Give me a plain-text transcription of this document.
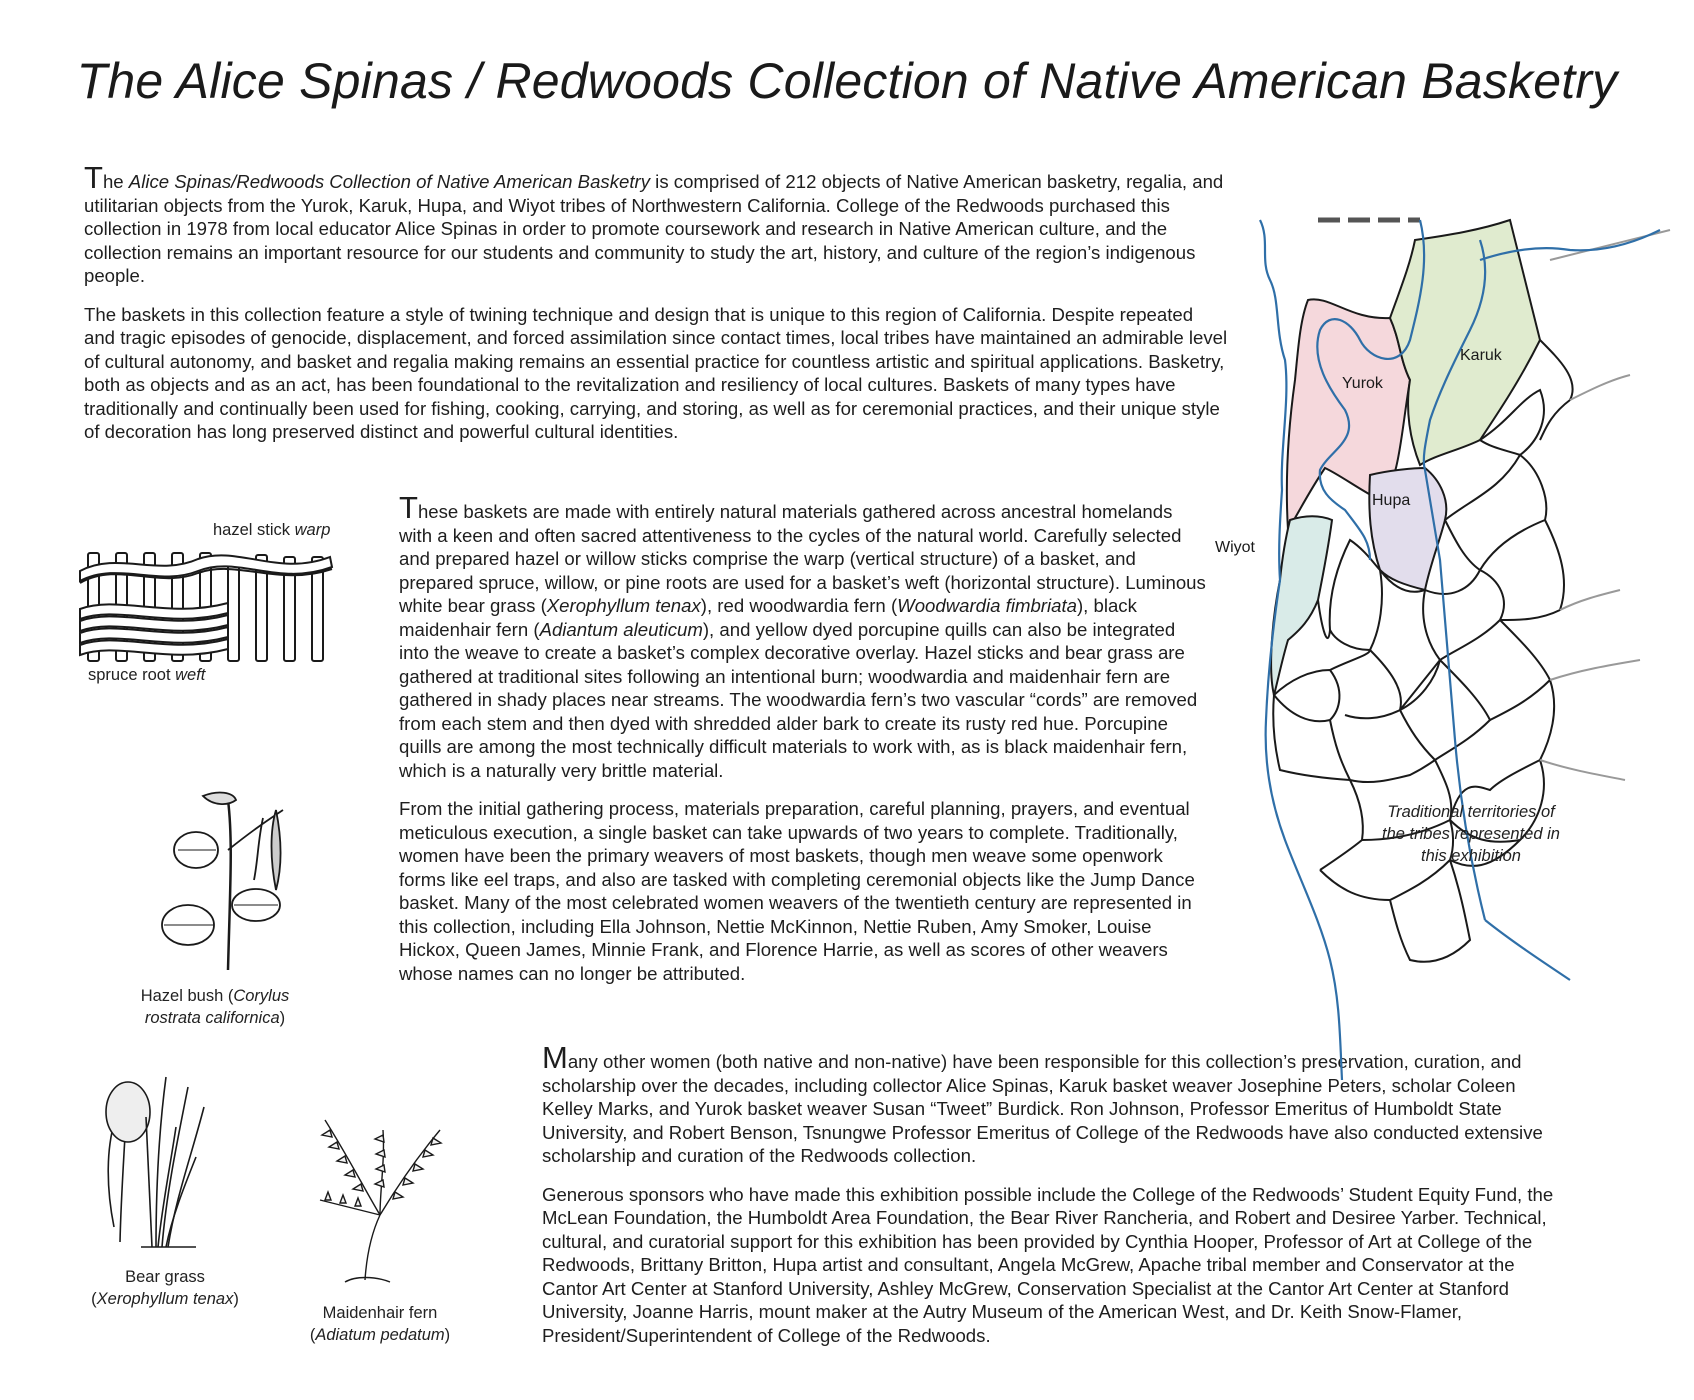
The Alice Spinas / Redwoods Collection of Native American Basketry

The Alice Spinas/Redwoods Collection of Native American Basketry is comprised of 212 objects of Native American basketry, regalia, and utilitarian objects from the Yurok, Karuk, Hupa, and Wiyot tribes of Northwestern California. College of the Redwoods purchased this collection in 1978 from local educator Alice Spinas in order to promote coursework and research in Native American culture, and the collection remains an important resource for our students and community to study the art, history, and culture of the region’s indigenous people.

The baskets in this collection feature a style of twining technique and design that is unique to this region of California. Despite repeated and tragic episodes of genocide, displacement, and forced assimilation since contact times, local tribes have maintained an admirable level of cultural autonomy, and basket and regalia making remains an essential practice for countless artistic and spiritual applications. Basketry, both as objects and as an act, has been foundational to the revitalization and resiliency of local cultures. Baskets of many types have traditionally and continually been used for fishing, cooking, carrying, and storing, as well as for ceremonial practices, and their unique style of decoration has long preserved distinct and powerful cultural identities.

These baskets are made with entirely natural materials gathered across ancestral homelands with a keen and often sacred attentiveness to the cycles of the natural world. Carefully selected and prepared hazel or willow sticks comprise the warp (vertical structure) of a basket, and prepared spruce, willow, or pine roots are used for a basket’s weft (horizontal structure). Luminous white bear grass (Xerophyllum tenax), red woodwardia fern (Woodwardia fimbriata), black maidenhair fern (Adiantum aleuticum), and yellow dyed porcupine quills can also be integrated into the weave to create a basket’s complex decorative overlay. Hazel sticks and bear grass are gathered at traditional sites following an intentional burn; woodwardia and maidenhair fern are gathered in shady places near streams. The woodwardia fern’s two vascular “cords” are removed from each stem and then dyed with shredded alder bark to create its rusty red hue. Porcupine quills are among the most technically difficult materials to work with, as is black maidenhair fern, which is a naturally very brittle material.

From the initial gathering process, materials preparation, careful planning, prayers, and eventual meticulous execution, a single basket can take upwards of two years to complete. Traditionally, women have been the primary weavers of most baskets, though men weave some openwork forms like eel traps, and also are tasked with completing ceremonial objects like the Jump Dance basket. Many of the most celebrated women weavers of the twentieth century are represented in this collection, including Ella Johnson, Nettie McKinnon, Nettie Ruben, Amy Smoker, Louise Hickox, Queen James, Minnie Frank, and Florence Harrie, as well as scores of other weavers whose names can no longer be attributed.

Many other women (both native and non-native) have been responsible for this collection’s preservation, curation, and scholarship over the decades, including collector Alice Spinas, Karuk basket weaver Josephine Peters, scholar Coleen Kelley Marks, and Yurok basket weaver Susan “Tweet” Burdick. Ron Johnson, Professor Emeritus of Humboldt State University, and Robert Benson, Tsnungwe Professor Emeritus of College of the Redwoods have also conducted extensive scholarship and curation of the Redwoods collection.

Generous sponsors who have made this exhibition possible include the College of the Redwoods’ Student Equity Fund, the McLean Foundation, the Humboldt Area Foundation, the Bear River Rancheria, and Robert and Desiree Yarber. Technical, cultural, and curatorial support for this exhibition has been provided by Cynthia Hooper, Professor of Art at College of the Redwoods, Brittany Britton, Hupa artist and consultant, Angela McGrew, Apache tribal member and Conservator at the Cantor Art Center at Stanford University, Ashley McGrew, Conservation Specialist at the Cantor Art Center at Stanford University, Joanne Harris, mount maker at the Autry Museum of the American West, and Dr. Keith Snow-Flamer, President/Superintendent of College of the Redwoods.

hazel stick warp
spruce root weft
Hazel bush (Corylus rostrata californica)
Bear grass
(Xerophyllum tenax)
Maidenhair fern
(Adiatum pedatum)
Yurok
Karuk
Hupa
Wiyot
Traditional territories of the tribes represented in this exhibition
